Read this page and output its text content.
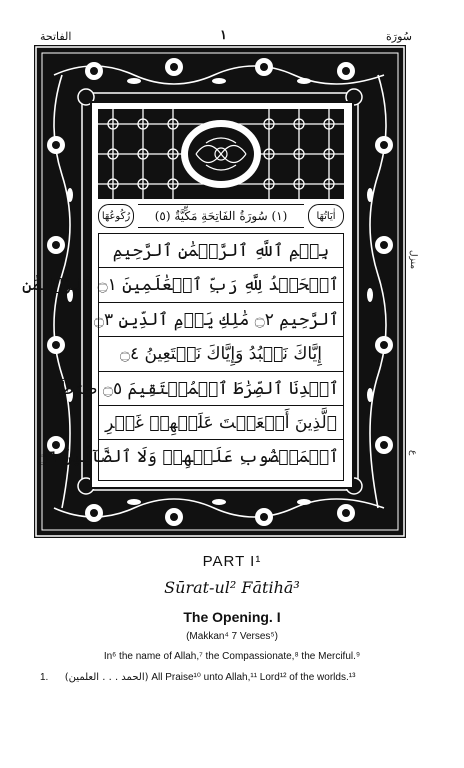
الفاتحة	١	سُورَة
رُكُوعُهَا	(١) سُورَةُ الفَاتِحَةِ مَكِّيَّةٌ (٥)	اٰيَاتُهَا
بِسۡمِ ٱللَّهِ ٱلرَّحۡمَٰنِ ٱلرَّحِيمِ
ٱلۡحَمۡدُ لِلَّهِ رَبِّ ٱلۡعَٰلَمِينَ ۝١ ٱلرَّحۡمَٰنِ
ٱلرَّحِيمِ ۝٢ مَٰلِكِ يَوۡمِ ٱلدِّينِ ۝٣
إِيَّاكَ نَعۡبُدُ وَإِيَّاكَ نَسۡتَعِينُ ۝٤
ٱهۡدِنَا ٱلصِّرَٰطَ ٱلۡمُسۡتَقِيمَ ۝٥ صِرَٰطَ
ٱلَّذِينَ أَنۡعَمۡتَ عَلَيۡهِمۡ غَيۡرِ
ٱلۡمَغۡضُوبِ عَلَيۡهِمۡ وَلَا ٱلضَّآلِّينَ ۝٦
منزل
ع
PART I¹
Sūrat-ul² Fātihā³
The Opening. I
(Makkan⁴ 7 Verses⁵)
In⁶ the name of Allah,⁷ the Compassionate,⁸ the Merciful.⁹
1. (الحمد . . . العلمين) All Praise¹⁰ unto Allah,¹¹ Lord¹² of the worlds.¹³
